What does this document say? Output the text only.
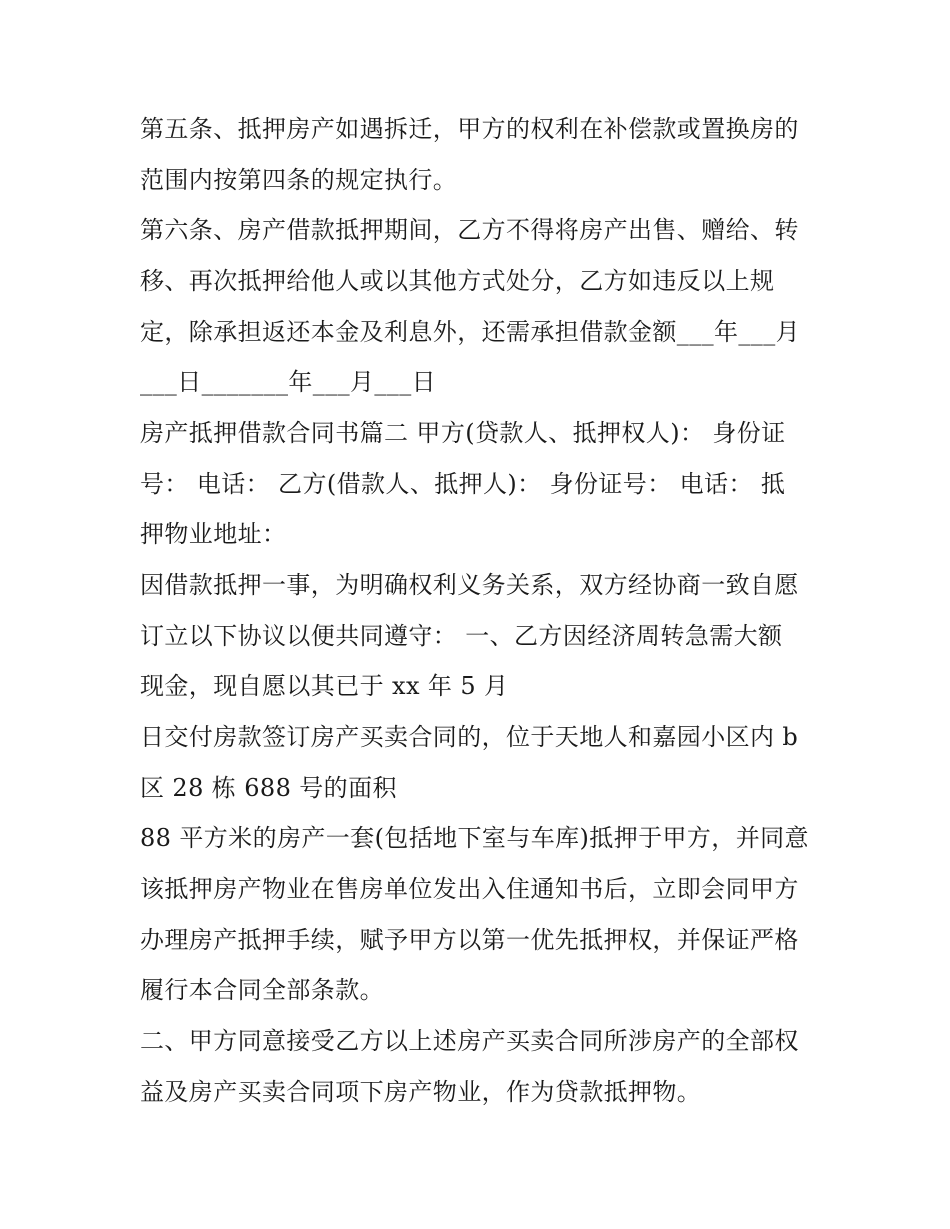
第五条、抵押房产如遇拆迁，甲方的权利在补偿款或置换房的
范围内按第四条的规定执行。
第六条、房产借款抵押期间，乙方不得将房产出售、赠给、转
移、再次抵押给他人或以其他方式处分，乙方如违反以上规
定，除承担返还本金及利息外，还需承担借款金额___年___月
___日_______年___月___日
房产抵押借款合同书篇二 甲方(贷款人、抵押权人)： 身份证
号： 电话： 乙方(借款人、抵押人)： 身份证号： 电话： 抵
押物业地址：
因借款抵押一事，为明确权利义务关系，双方经协商一致自愿
订立以下协议以便共同遵守： 一、乙方因经济周转急需大额
现金，现自愿以其已于 xx 年 5 月
日交付房款签订房产买卖合同的，位于天地人和嘉园小区内 b
区 28 栋 688 号的面积
88 平方米的房产一套(包括地下室与车库)抵押于甲方，并同意
该抵押房产物业在售房单位发出入住通知书后，立即会同甲方
办理房产抵押手续，赋予甲方以第一优先抵押权，并保证严格
履行本合同全部条款。
二、甲方同意接受乙方以上述房产买卖合同所涉房产的全部权
益及房产买卖合同项下房产物业，作为贷款抵押物。
